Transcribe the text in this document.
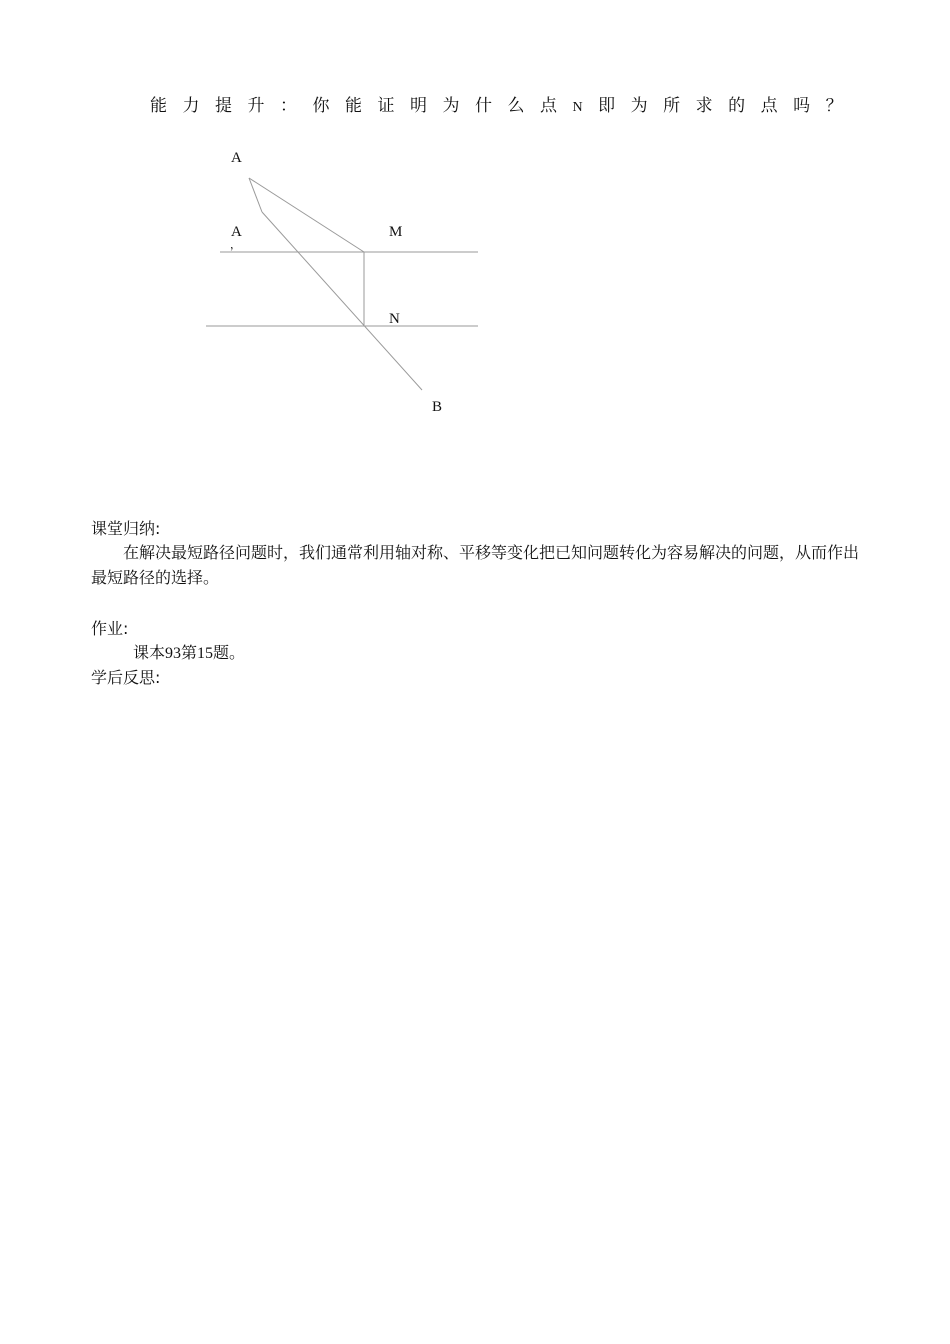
能力提升：你能证明为什么点N即为所求的点吗？
A
A
，
M
N
B
课堂归纳:
在解决最短路径问题时，我们通常利用轴对称、平移等变化把已知问题转化为容易解决的问题，从而作出最短路径的选择。
作业:
课本93第15题。
学后反思:
